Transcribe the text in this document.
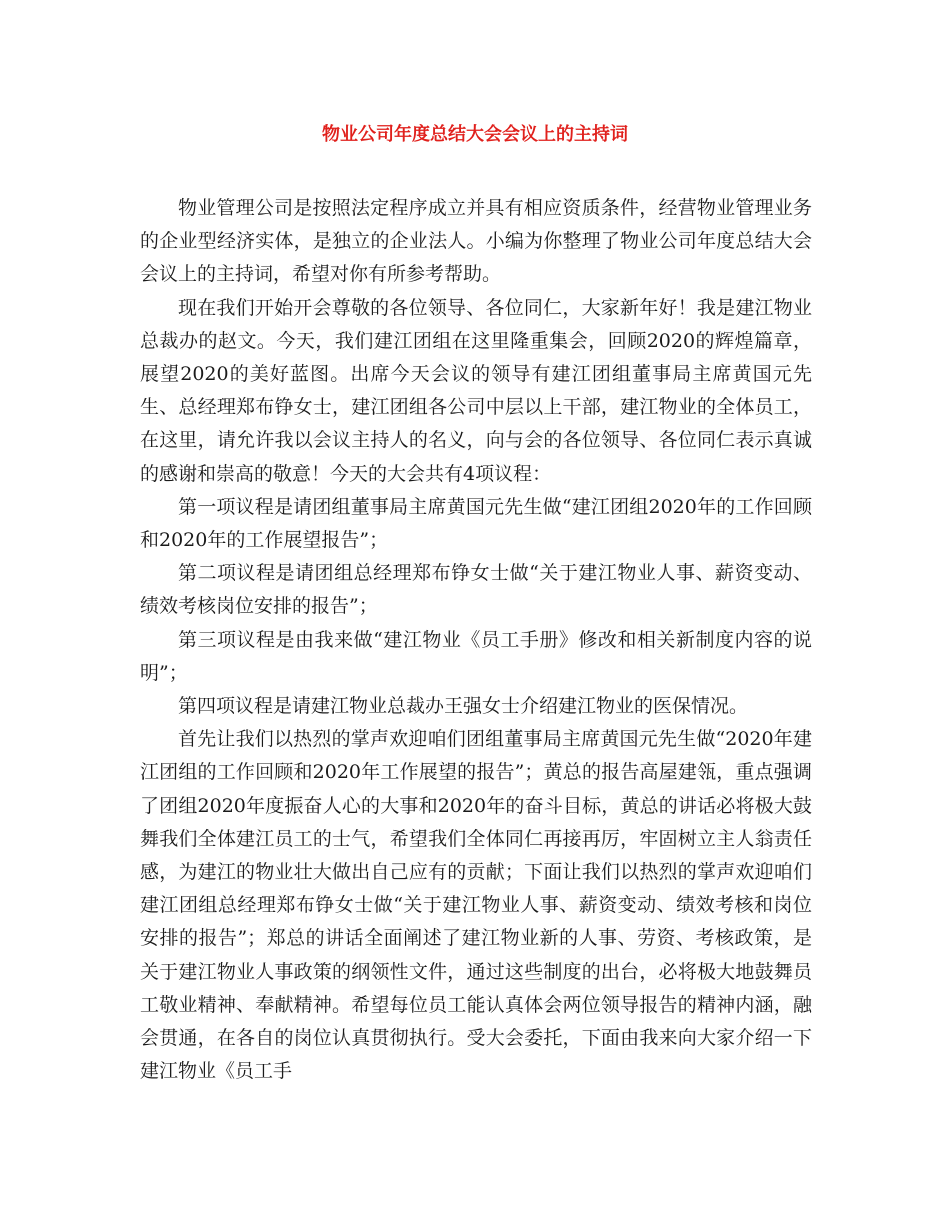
物业公司年度总结大会会议上的主持词

物业管理公司是按照法定程序成立并具有相应资质条件，经营物业管理业务的企业型经济实体，是独立的企业法人。小编为你整理了物业公司年度总结大会会议上的主持词，希望对你有所参考帮助。

现在我们开始开会尊敬的各位领导、各位同仁，大家新年好！我是建江物业总裁办的赵文。今天，我们建江团组在这里隆重集会，回顾2020的辉煌篇章，展望2020的美好蓝图。出席今天会议的领导有建江团组董事局主席黄国元先生、总经理郑布铮女士，建江团组各公司中层以上干部，建江物业的全体员工，在这里，请允许我以会议主持人的名义，向与会的各位领导、各位同仁表示真诚的感谢和崇高的敬意！今天的大会共有4项议程：

第一项议程是请团组董事局主席黄国元先生做“建江团组2020年的工作回顾和2020年的工作展望报告”；

第二项议程是请团组总经理郑布铮女士做“关于建江物业人事、薪资变动、绩效考核岗位安排的报告”；

第三项议程是由我来做“建江物业《员工手册》修改和相关新制度内容的说明”；

第四项议程是请建江物业总裁办王强女士介绍建江物业的医保情况。

首先让我们以热烈的掌声欢迎咱们团组董事局主席黄国元先生做“2020年建江团组的工作回顾和2020年工作展望的报告”；黄总的报告高屋建瓴，重点强调了团组2020年度振奋人心的大事和2020年的奋斗目标，黄总的讲话必将极大鼓舞我们全体建江员工的士气，希望我们全体同仁再接再厉，牢固树立主人翁责任感，为建江的物业壮大做出自己应有的贡献；下面让我们以热烈的掌声欢迎咱们建江团组总经理郑布铮女士做“关于建江物业人事、薪资变动、绩效考核和岗位安排的报告”；郑总的讲话全面阐述了建江物业新的人事、劳资、考核政策，是关于建江物业人事政策的纲领性文件，通过这些制度的出台，必将极大地鼓舞员工敬业精神、奉献精神。希望每位员工能认真体会两位领导报告的精神内涵，融会贯通，在各自的岗位认真贯彻执行。受大会委托，下面由我来向大家介绍一下建江物业《员工手
